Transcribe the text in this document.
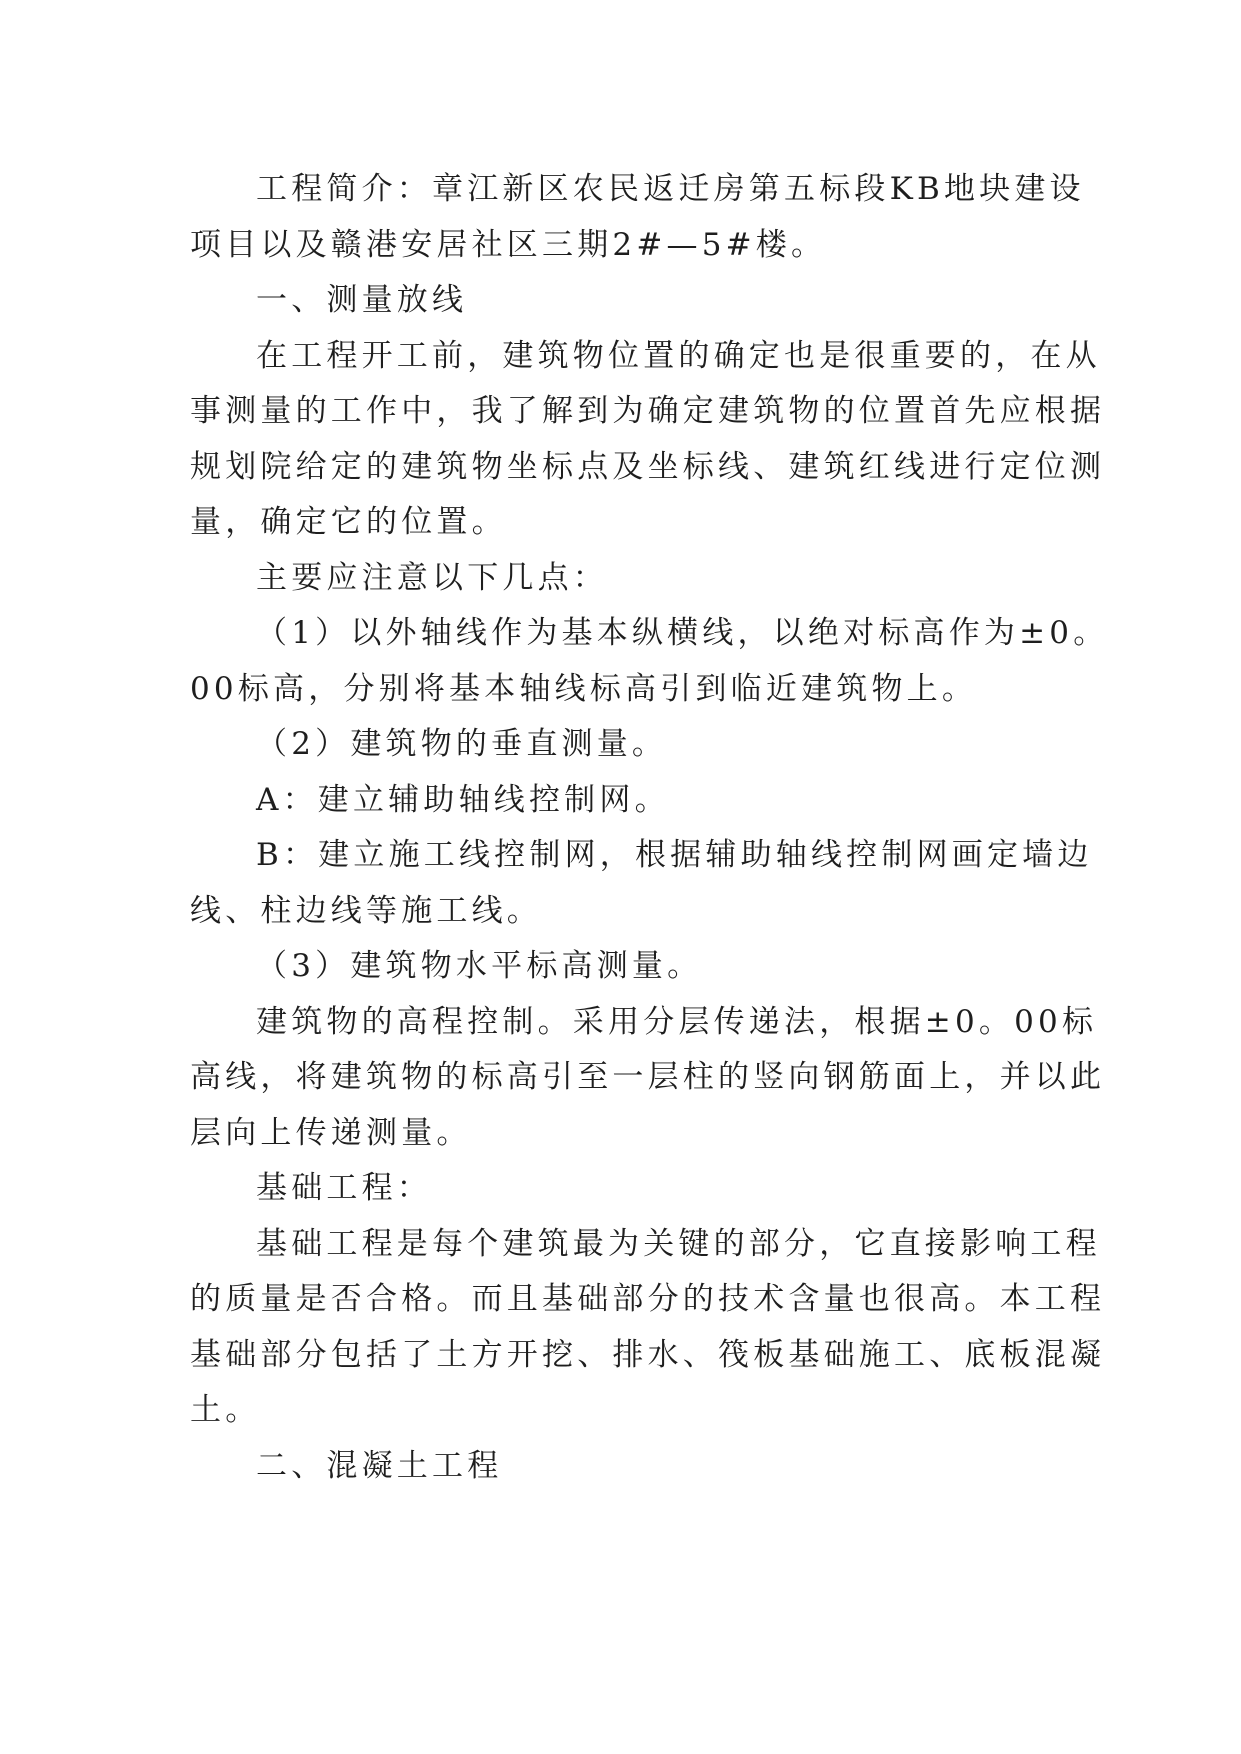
工程简介：章江新区农民返迁房第五标段KB地块建设
项目以及赣港安居社区三期2#—5#楼。
一、测量放线
在工程开工前，建筑物位置的确定也是很重要的，在从
事测量的工作中，我了解到为确定建筑物的位置首先应根据
规划院给定的建筑物坐标点及坐标线、建筑红线进行定位测
量，确定它的位置。
主要应注意以下几点：
（1）以外轴线作为基本纵横线，以绝对标高作为±0。
00标高，分别将基本轴线标高引到临近建筑物上。
（2）建筑物的垂直测量。
A：建立辅助轴线控制网。
B：建立施工线控制网，根据辅助轴线控制网画定墙边
线、柱边线等施工线。
（3）建筑物水平标高测量。
建筑物的高程控制。采用分层传递法，根据±0。00标
高线，将建筑物的标高引至一层柱的竖向钢筋面上，并以此
层向上传递测量。
基础工程：
基础工程是每个建筑最为关键的部分，它直接影响工程
的质量是否合格。而且基础部分的技术含量也很高。本工程
基础部分包括了土方开挖、排水、筏板基础施工、底板混凝
土。
二、混凝土工程
